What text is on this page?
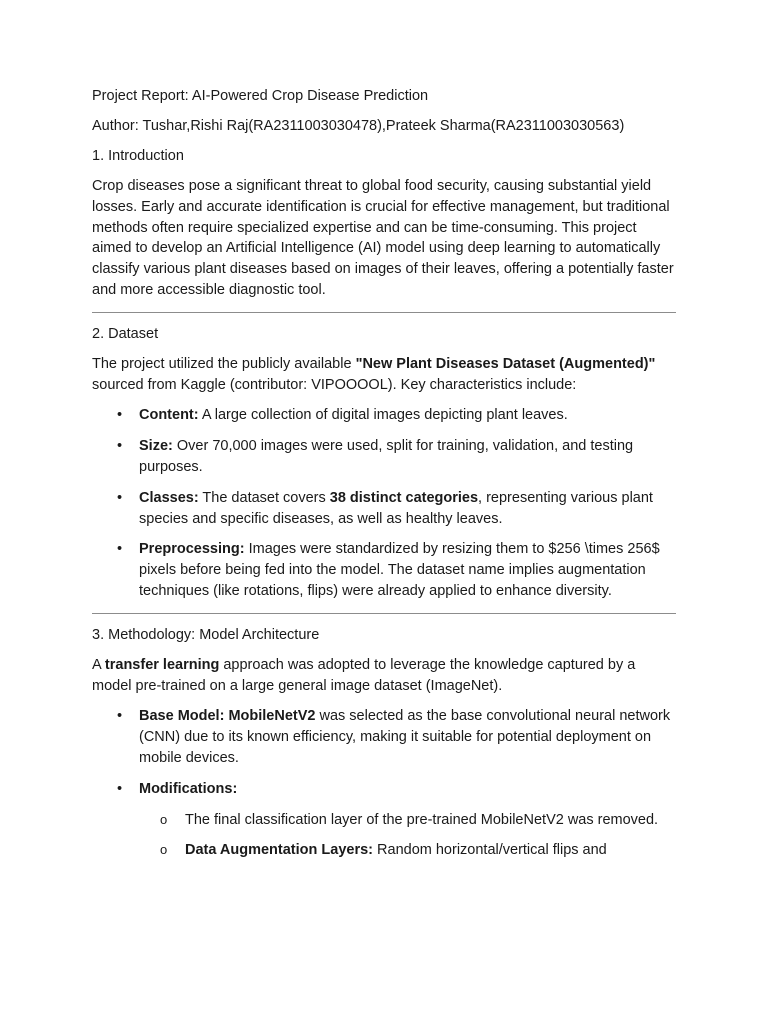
Project Report: AI-Powered Crop Disease Prediction

Author: Tushar,Rishi Raj(RA2311003030478),Prateek Sharma(RA2311003030563)

1. Introduction

Crop diseases pose a significant threat to global food security, causing substantial yield losses. Early and accurate identification is crucial for effective management, but traditional methods often require specialized expertise and can be time-consuming. This project aimed to develop an Artificial Intelligence (AI) model using deep learning to automatically classify various plant diseases based on images of their leaves, offering a potentially faster and more accessible diagnostic tool.

2. Dataset

The project utilized the publicly available "New Plant Diseases Dataset (Augmented)" sourced from Kaggle (contributor: VIPOOOOL). Key characteristics include:

• Content: A large collection of digital images depicting plant leaves.
• Size: Over 70,000 images were used, split for training, validation, and testing purposes.
• Classes: The dataset covers 38 distinct categories, representing various plant species and specific diseases, as well as healthy leaves.
• Preprocessing: Images were standardized by resizing them to $256 \times 256$ pixels before being fed into the model. The dataset name implies augmentation techniques (like rotations, flips) were already applied to enhance diversity.

3. Methodology: Model Architecture

A transfer learning approach was adopted to leverage the knowledge captured by a model pre-trained on a large general image dataset (ImageNet).

• Base Model: MobileNetV2 was selected as the base convolutional neural network (CNN) due to its known efficiency, making it suitable for potential deployment on mobile devices.
• Modifications:
o The final classification layer of the pre-trained MobileNetV2 was removed.
o Data Augmentation Layers: Random horizontal/vertical flips and
